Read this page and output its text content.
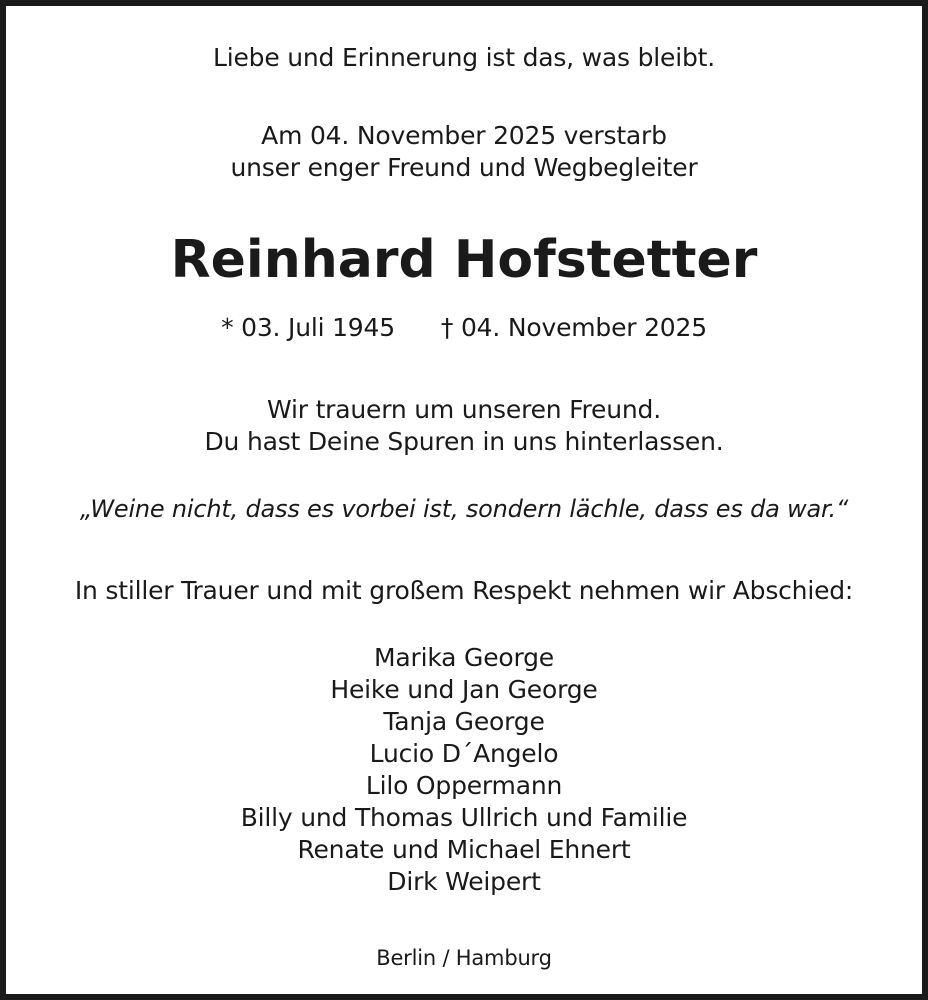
Liebe und Erinnerung ist das, was bleibt.
Am 04. November 2025 verstarb
unser enger Freund und Wegbegleiter
Reinhard Hofstetter
* 03. Juli 1945 † 04. November 2025
Wir trauern um unseren Freund.
Du hast Deine Spuren in uns hinterlassen.
„Weine nicht, dass es vorbei ist, sondern lächle, dass es da war.“
In stiller Trauer und mit großem Respekt nehmen wir Abschied:
Marika George
Heike und Jan George
Tanja George
Lucio D´Angelo
Lilo Oppermann
Billy und Thomas Ullrich und Familie
Renate und Michael Ehnert
Dirk Weipert
Berlin / Hamburg
